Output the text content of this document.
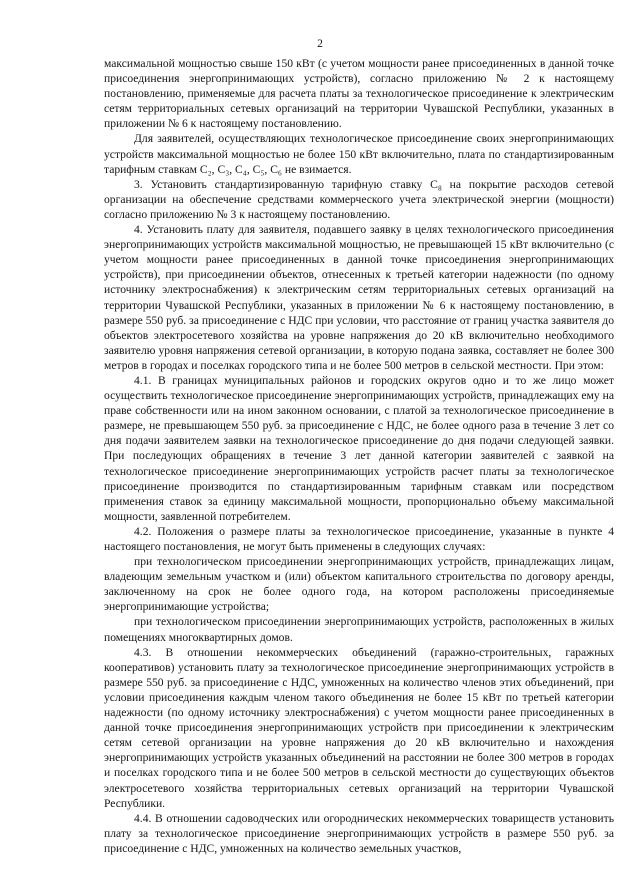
2

максимальной мощностью свыше 150 кВт (с учетом мощности ранее присоединенных в данной точке присоединения энергопринимающих устройств), согласно приложению № 2 к настоящему постановлению, применяемые для расчета платы за технологическое присоединение к электрическим сетям территориальных сетевых организаций на территории Чувашской Республики, указанных в приложении № 6 к настоящему постановлению.

Для заявителей, осуществляющих технологическое присоединение своих энергопринимающих устройств максимальной мощностью не более 150 кВт включительно, плата по стандартизированным тарифным ставкам С₂, С₃, С₄, С₅, С₆ не взимается.

3. Установить стандартизированную тарифную ставку С₈ на покрытие расходов сетевой организации на обеспечение средствами коммерческого учета электрической энергии (мощности) согласно приложению № 3 к настоящему постановлению.

4. Установить плату для заявителя, подавшего заявку в целях технологического присоединения энергопринимающих устройств максимальной мощностью, не превышающей 15 кВт включительно (с учетом мощности ранее присоединенных в данной точке присоединения энергопринимающих устройств), при присоединении объектов, отнесенных к третьей категории надежности (по одному источнику электроснабжения) к электрическим сетям территориальных сетевых организаций на территории Чувашской Республики, указанных в приложении № 6 к настоящему постановлению, в размере 550 руб. за присоединение с НДС при условии, что расстояние от границ участка заявителя до объектов электросетевого хозяйства на уровне напряжения до 20 кВ включительно необходимого заявителю уровня напряжения сетевой организации, в которую подана заявка, составляет не более 300 метров в городах и поселках городского типа и не более 500 метров в сельской местности. При этом:

4.1. В границах муниципальных районов и городских округов одно и то же лицо может осуществить технологическое присоединение энергопринимающих устройств, принадлежащих ему на праве собственности или на ином законном основании, с платой за технологическое присоединение в размере, не превышающем 550 руб. за присоединение с НДС, не более одного раза в течение 3 лет со дня подачи заявителем заявки на технологическое присоединение до дня подачи следующей заявки. При последующих обращениях в течение 3 лет данной категории заявителей с заявкой на технологическое присоединение энергопринимающих устройств расчет платы за технологическое присоединение производится по стандартизированным тарифным ставкам или посредством применения ставок за единицу максимальной мощности, пропорционально объему максимальной мощности, заявленной потребителем.

4.2. Положения о размере платы за технологическое присоединение, указанные в пункте 4 настоящего постановления, не могут быть применены в следующих случаях:

при технологическом присоединении энергопринимающих устройств, принадлежащих лицам, владеющим земельным участком и (или) объектом капитального строительства по договору аренды, заключенному на срок не более одного года, на котором расположены присоединяемые энергопринимающие устройства;

при технологическом присоединении энергопринимающих устройств, расположенных в жилых помещениях многоквартирных домов.

4.3. В отношении некоммерческих объединений (гаражно-строительных, гаражных кооперативов) установить плату за технологическое присоединение энергопринимающих устройств в размере 550 руб. за присоединение с НДС, умноженных на количество членов этих объединений, при условии присоединения каждым членом такого объединения не более 15 кВт по третьей категории надежности (по одному источнику электроснабжения) с учетом мощности ранее присоединенных в данной точке присоединения энергопринимающих устройств при присоединении к электрическим сетям сетевой организации на уровне напряжения до 20 кВ включительно и нахождения энергопринимающих устройств указанных объединений на расстоянии не более 300 метров в городах и поселках городского типа и не более 500 метров в сельской местности до существующих объектов электросетевого хозяйства территориальных сетевых организаций на территории Чувашской Республики.

4.4. В отношении садоводческих или огороднических некоммерческих товариществ установить плату за технологическое присоединение энергопринимающих устройств в размере 550 руб. за присоединение с НДС, умноженных на количество земельных участков,
